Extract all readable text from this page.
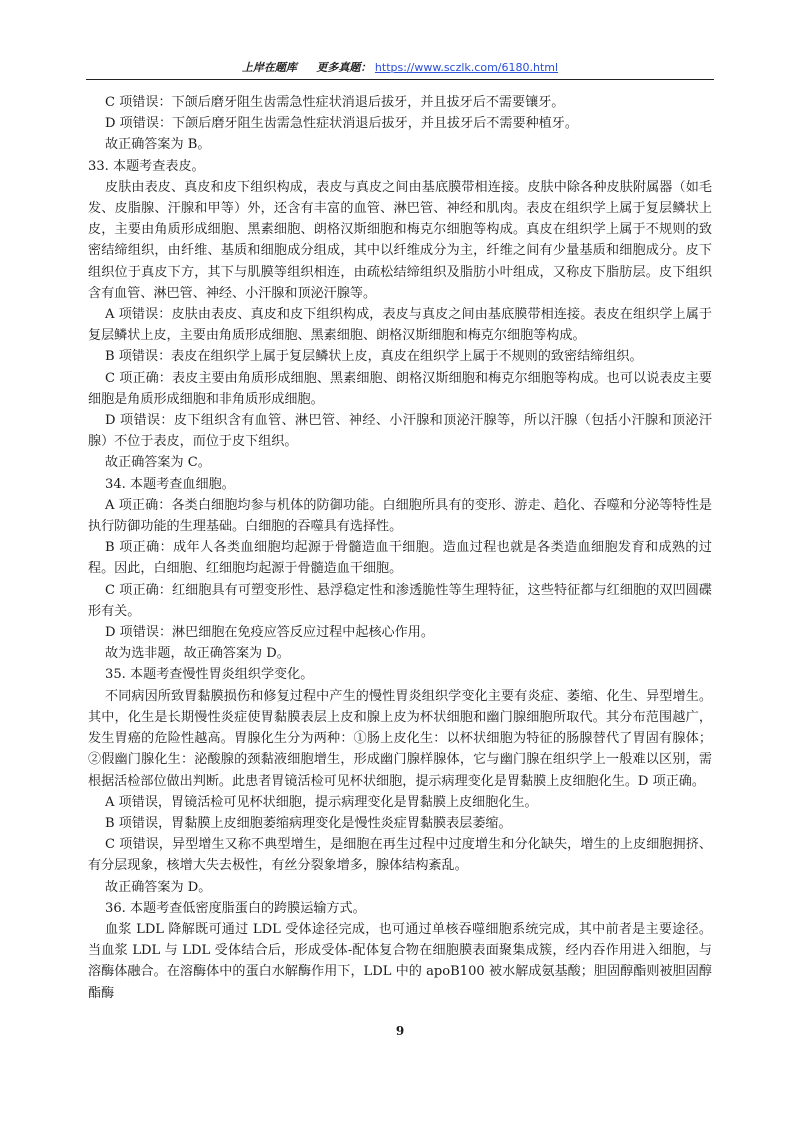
上岸在题库 更多真题： https://www.sczlk.com/6180.html

C 项错误：下颌后磨牙阻生齿需急性症状消退后拔牙，并且拔牙后不需要镶牙。

D 项错误：下颌后磨牙阻生齿需急性症状消退后拔牙，并且拔牙后不需要种植牙。

故正确答案为 B。

33. 本题考查表皮。

皮肤由表皮、真皮和皮下组织构成，表皮与真皮之间由基底膜带相连接。皮肤中除各种皮肤附属器（如毛发、皮脂腺、汗腺和甲等）外，还含有丰富的血管、淋巴管、神经和肌肉。表皮在组织学上属于复层鳞状上皮，主要由角质形成细胞、黑素细胞、朗格汉斯细胞和梅克尔细胞等构成。真皮在组织学上属于不规则的致密结缔组织，由纤维、基质和细胞成分组成，其中以纤维成分为主，纤维之间有少量基质和细胞成分。皮下组织位于真皮下方，其下与肌膜等组织相连，由疏松结缔组织及脂肪小叶组成，又称皮下脂肪层。皮下组织含有血管、淋巴管、神经、小汗腺和顶泌汗腺等。

A 项错误：皮肤由表皮、真皮和皮下组织构成，表皮与真皮之间由基底膜带相连接。表皮在组织学上属于复层鳞状上皮，主要由角质形成细胞、黑素细胞、朗格汉斯细胞和梅克尔细胞等构成。

B 项错误：表皮在组织学上属于复层鳞状上皮，真皮在组织学上属于不规则的致密结缔组织。

C 项正确：表皮主要由角质形成细胞、黑素细胞、朗格汉斯细胞和梅克尔细胞等构成。也可以说表皮主要细胞是角质形成细胞和非角质形成细胞。

D 项错误：皮下组织含有血管、淋巴管、神经、小汗腺和顶泌汗腺等，所以汗腺（包括小汗腺和顶泌汗腺）不位于表皮，而位于皮下组织。

故正确答案为 C。

34. 本题考查血细胞。

A 项正确：各类白细胞均参与机体的防御功能。白细胞所具有的变形、游走、趋化、吞噬和分泌等特性是执行防御功能的生理基础。白细胞的吞噬具有选择性。

B 项正确：成年人各类血细胞均起源于骨髓造血干细胞。造血过程也就是各类造血细胞发育和成熟的过程。因此，白细胞、红细胞均起源于骨髓造血干细胞。

C 项正确：红细胞具有可塑变形性、悬浮稳定性和渗透脆性等生理特征，这些特征都与红细胞的双凹圆碟形有关。

D 项错误：淋巴细胞在免疫应答反应过程中起核心作用。

故为选非题，故正确答案为 D。

35. 本题考查慢性胃炎组织学变化。

不同病因所致胃黏膜损伤和修复过程中产生的慢性胃炎组织学变化主要有炎症、萎缩、化生、异型增生。其中，化生是长期慢性炎症使胃黏膜表层上皮和腺上皮为杯状细胞和幽门腺细胞所取代。其分布范围越广，发生胃癌的危险性越高。胃腺化生分为两种：①肠上皮化生：以杯状细胞为特征的肠腺替代了胃固有腺体；②假幽门腺化生：泌酸腺的颈黏液细胞增生，形成幽门腺样腺体，它与幽门腺在组织学上一般难以区别，需根据活检部位做出判断。此患者胃镜活检可见杯状细胞，提示病理变化是胃黏膜上皮细胞化生。D 项正确。

A 项错误，胃镜活检可见杯状细胞，提示病理变化是胃黏膜上皮细胞化生。

B 项错误，胃黏膜上皮细胞萎缩病理变化是慢性炎症胃黏膜表层萎缩。

C 项错误，异型增生又称不典型增生，是细胞在再生过程中过度增生和分化缺失，增生的上皮细胞拥挤、有分层现象，核增大失去极性，有丝分裂象增多，腺体结构紊乱。

故正确答案为 D。

36. 本题考查低密度脂蛋白的跨膜运输方式。

血浆 LDL 降解既可通过 LDL 受体途径完成，也可通过单核吞噬细胞系统完成，其中前者是主要途径。当血浆 LDL 与 LDL 受体结合后，形成受体-配体复合物在细胞膜表面聚集成簇，经内吞作用进入细胞，与溶酶体融合。在溶酶体中的蛋白水解酶作用下，LDL 中的 apoB100 被水解成氨基酸；胆固醇酯则被胆固醇酯酶

9
